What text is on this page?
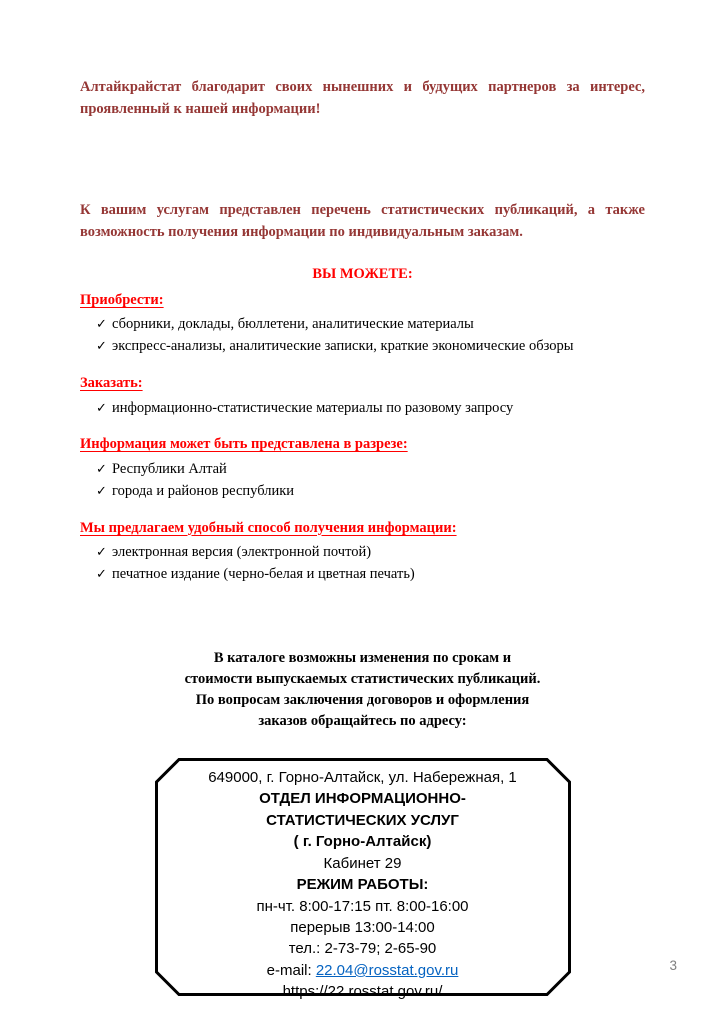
Алтайкрайстат благодарит своих нынешних и будущих партнеров за интерес, проявленный к нашей информации!

К вашим услугам представлен перечень статистических публикаций, а также возможность получения информации по индивидуальным заказам.

ВЫ МОЖЕТЕ:

Приобрести:

✓ сборники, доклады, бюллетени, аналитические материалы
✓ экспресс-анализы, аналитические записки, краткие экономические обзоры

Заказать:

✓ информационно-статистические материалы по разовому запросу

Информация может быть представлена в разрезе:

✓ Республики Алтай
✓ города и районов республики

Мы предлагаем удобный способ получения информации:

✓ электронная версия (электронной почтой)
✓ печатное издание (черно-белая и цветная печать)
В каталоге возможны изменения по срокам и
стоимости выпускаемых статистических публикаций.
По вопросам заключения договоров и оформления
заказов обращайтесь по адресу:
649000, г. Горно-Алтайск, ул. Набережная, 1
ОТДЕЛ ИНФОРМАЦИОННО-
СТАТИСТИЧЕСКИХ УСЛУГ
( г. Горно-Алтайск)
Кабинет 29
РЕЖИМ РАБОТЫ:
пн-чт. 8:00-17:15 пт. 8:00-16:00
перерыв 13:00-14:00
тел.: 2-73-79; 2-65-90
e-mail: 22.04@rosstat.gov.ru
https://22.rosstat.gov.ru/
3
